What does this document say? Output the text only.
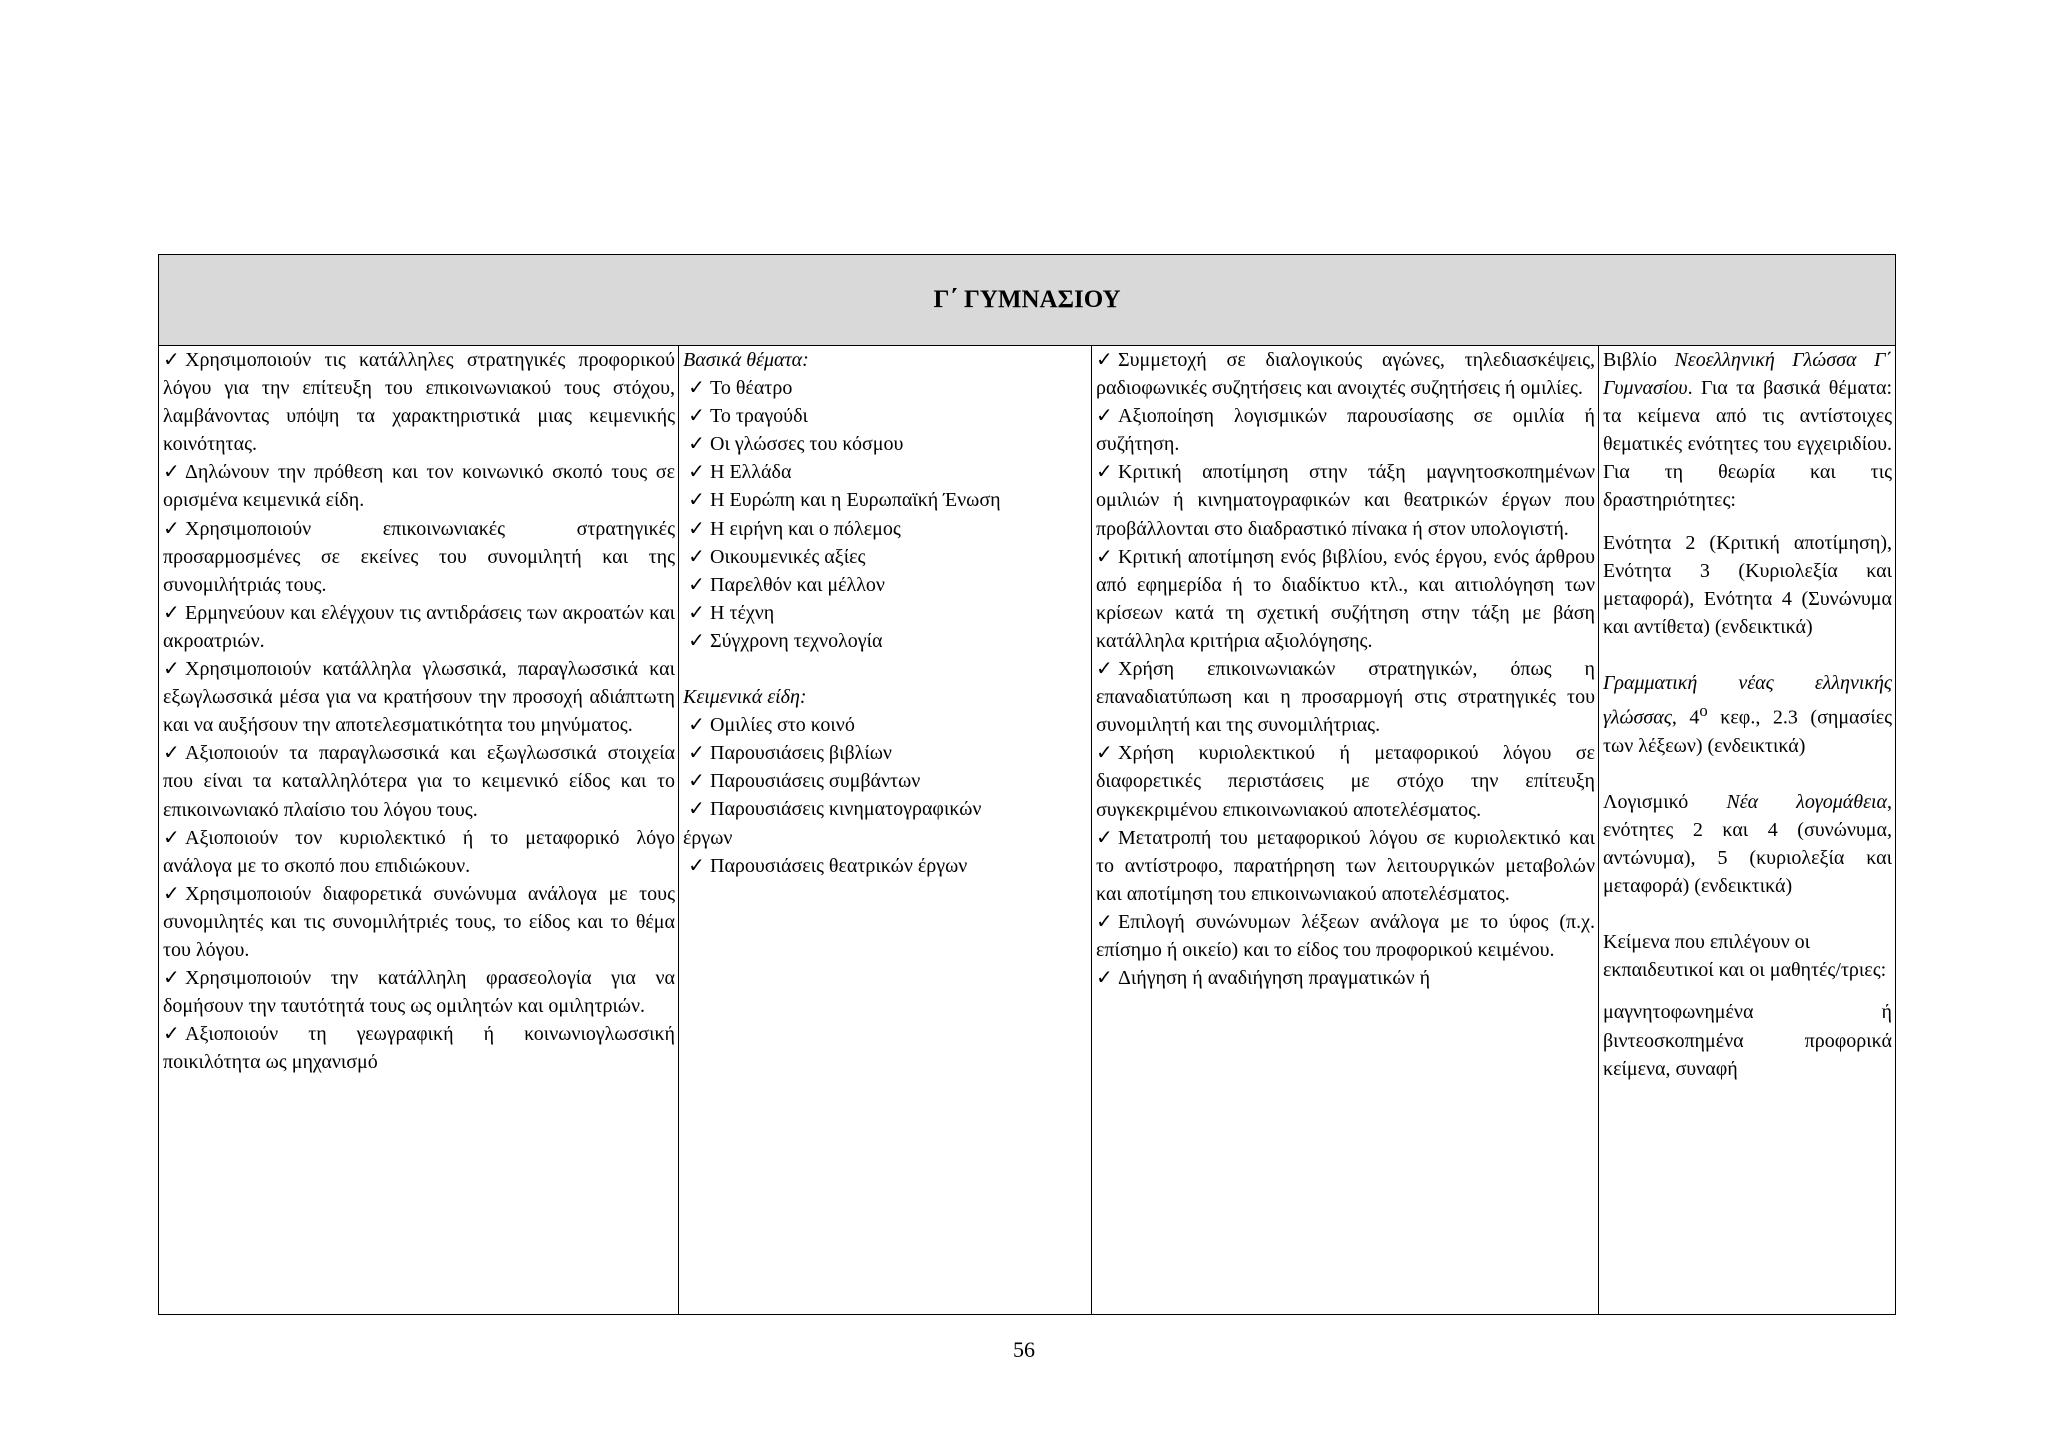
Γ΄ ΓΥΜΝΑΣΙΟΥ

✓ Χρησιμοποιούν τις κατάλληλες στρατηγικές προφορικού λόγου για την επίτευξη του επικοινωνιακού τους στόχου, λαμβάνοντας υπόψη τα χαρακτηριστικά μιας κειμενικής κοινότητας.
✓ Δηλώνουν την πρόθεση και τον κοινωνικό σκοπό τους σε ορισμένα κειμενικά είδη.
✓ Χρησιμοποιούν επικοινωνιακές στρατηγικές προσαρμοσμένες σε εκείνες του συνομιλητή και της συνομιλήτριάς τους.
✓ Ερμηνεύουν και ελέγχουν τις αντιδράσεις των ακροατών και ακροατριών.
✓ Χρησιμοποιούν κατάλληλα γλωσσικά, παραγλωσσικά και εξωγλωσσικά μέσα για να κρατήσουν την προσοχή αδιάπτωτη και να αυξήσουν την αποτελεσματικότητα του μηνύματος.
✓ Αξιοποιούν τα παραγλωσσικά και εξωγλωσσικά στοιχεία που είναι τα καταλληλότερα για το κειμενικό είδος και το επικοινωνιακό πλαίσιο του λόγου τους.
✓ Αξιοποιούν τον κυριολεκτικό ή το μεταφορικό λόγο ανάλογα με το σκοπό που επιδιώκουν.
✓ Χρησιμοποιούν διαφορετικά συνώνυμα ανάλογα με τους συνομιλητές και τις συνομιλήτριές τους, το είδος και το θέμα του λόγου.
✓ Χρησιμοποιούν την κατάλληλη φρασεολογία για να δομήσουν την ταυτότητά τους ως ομιλητών και ομιλητριών.
✓ Αξιοποιούν τη γεωγραφική ή κοινωνιογλωσσική ποικιλότητα ως μηχανισμό

Βασικά θέματα:
✓ Το θέατρο
✓ Το τραγούδι
✓ Οι γλώσσες του κόσμου
✓ Η Ελλάδα
✓ Η Ευρώπη και η Ευρωπαϊκή Ένωση
✓ Η ειρήνη και ο πόλεμος
✓ Οικουμενικές αξίες
✓ Παρελθόν και μέλλον
✓ Η τέχνη
✓ Σύγχρονη τεχνολογία
Κειμενικά είδη:
✓ Ομιλίες στο κοινό
✓ Παρουσιάσεις βιβλίων
✓ Παρουσιάσεις συμβάντων
✓ Παρουσιάσεις κινηματογραφικών
έργων
✓ Παρουσιάσεις θεατρικών έργων

✓ Συμμετοχή σε διαλογικούς αγώνες, τηλεδιασκέψεις, ραδιοφωνικές συζητήσεις και ανοιχτές συζητήσεις ή ομιλίες.
✓ Αξιοποίηση λογισμικών παρουσίασης σε ομιλία ή συζήτηση.
✓ Κριτική αποτίμηση στην τάξη μαγνητοσκοπημένων ομιλιών ή κινηματογραφικών και θεατρικών έργων που προβάλλονται στο διαδραστικό πίνακα ή στον υπολογιστή.
✓ Κριτική αποτίμηση ενός βιβλίου, ενός έργου, ενός άρθρου από εφημερίδα ή το διαδίκτυο κτλ., και αιτιολόγηση των κρίσεων κατά τη σχετική συζήτηση στην τάξη με βάση κατάλληλα κριτήρια αξιολόγησης.
✓ Χρήση επικοινωνιακών στρατηγικών, όπως η επαναδιατύπωση και η προσαρμογή στις στρατηγικές του συνομιλητή και της συνομιλήτριας.
✓ Χρήση κυριολεκτικού ή μεταφορικού λόγου σε διαφορετικές περιστάσεις με στόχο την επίτευξη συγκεκριμένου επικοινωνιακού αποτελέσματος.
✓ Μετατροπή του μεταφορικού λόγου σε κυριολεκτικό και το αντίστροφο, παρατήρηση των λειτουργικών μεταβολών και αποτίμηση του επικοινωνιακού αποτελέσματος.
✓ Επιλογή συνώνυμων λέξεων ανάλογα με το ύφος (π.χ. επίσημο ή οικείο) και το είδος του προφορικού κειμένου.
✓ Διήγηση ή αναδιήγηση πραγματικών ή

Βιβλίο Νεοελληνική Γλώσσα Γ΄ Γυμνασίου. Για τα βασικά θέματα: τα κείμενα από τις αντίστοιχες θεματικές ενότητες του εγχειριδίου. Για τη θεωρία και τις δραστηριότητες:
Ενότητα 2 (Κριτική αποτίμηση), Ενότητα 3 (Κυριολεξία και μεταφορά), Ενότητα 4 (Συνώνυμα και αντίθετα) (ενδεικτικά)
Γραμματική νέας ελληνικής γλώσσας, $4^o$ κεφ., 2.3 (σημασίες των λέξεων) (ενδεικτικά)
Λογισμικό Νέα λογομάθεια, ενότητες 2 και 4 (συνώνυμα, αντώνυμα), 5 (κυριολεξία και μεταφορά) (ενδεικτικά)
Κείμενα που επιλέγουν οι εκπαιδευτικοί και οι μαθητές/τριες:
μαγνητοφωνημένα ή βιντεοσκοπημένα προφορικά κείμενα, συναφή
56
